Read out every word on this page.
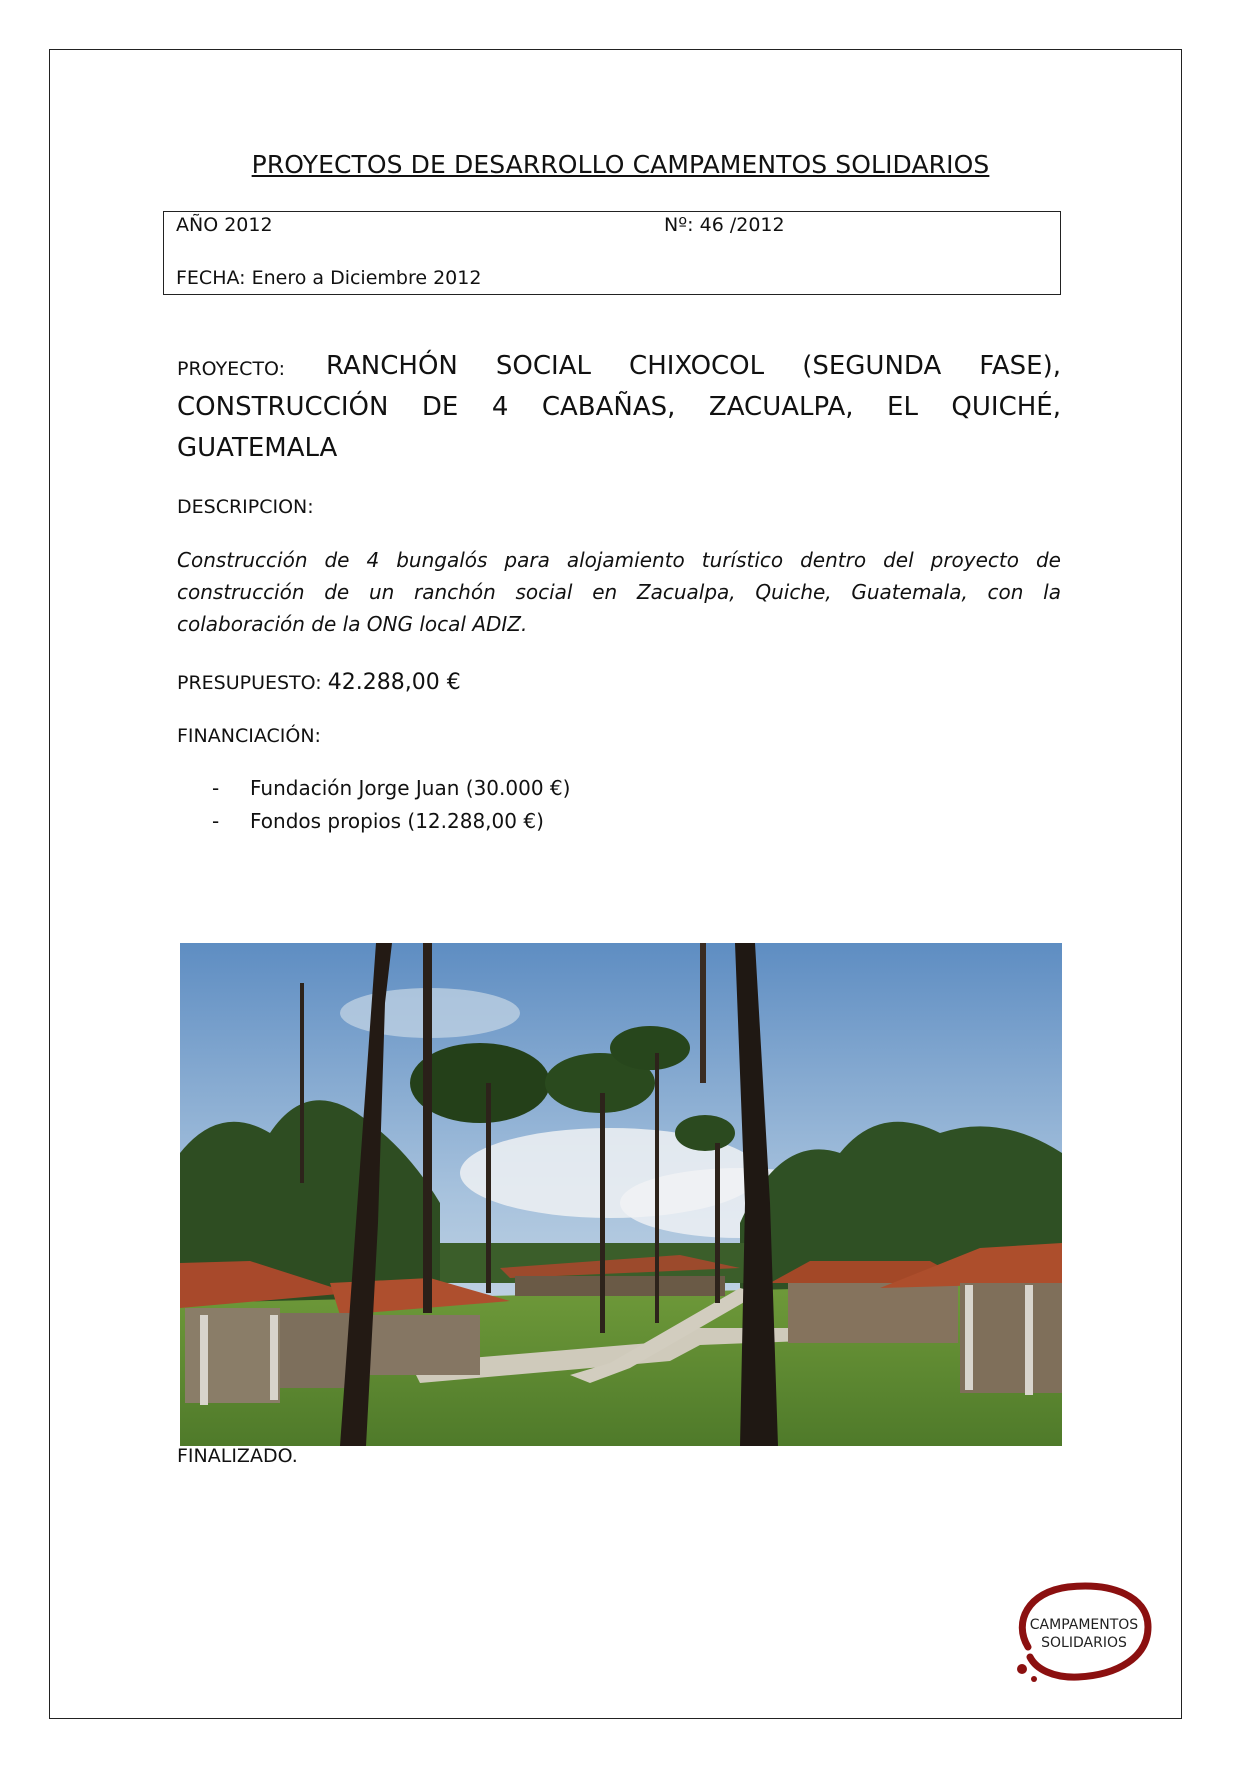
PROYECTOS DE DESARROLLO CAMPAMENTOS SOLIDARIOS
AÑO 2012	Nº: 46 /2012
FECHA: Enero a Diciembre 2012
PROYECTO:	RANCHÓN SOCIAL CHIXOCOL (SEGUNDA FASE), CONSTRUCCIÓN DE 4 CABAÑAS, ZACUALPA, EL QUICHÉ, GUATEMALA
DESCRIPCION:
Construcción de 4 bungalós para alojamiento turístico dentro del proyecto de construcción de un ranchón social en Zacualpa, Quiche, Guatemala, con la colaboración de la ONG local ADIZ.
PRESUPUESTO: 42.288,00 €
FINANCIACIÓN:
- Fundación Jorge Juan (30.000 €)
- Fondos propios (12.288,00 €)
FINALIZADO.
CAMPAMENTOS
SOLIDARIOS
